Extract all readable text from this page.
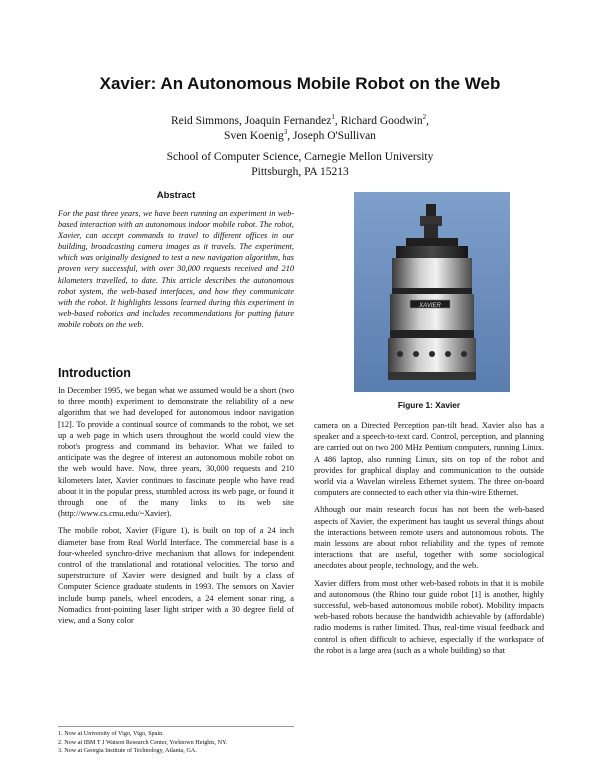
Xavier: An Autonomous Mobile Robot on the Web
Reid Simmons, Joaquin Fernandez$^1$, Richard Goodwin$^2$,
Sven Koenig$^3$, Joseph O'Sullivan
School of Computer Science, Carnegie Mellon University
Pittsburgh, PA 15213
Abstract
For the past three years, we have been running an experiment in web-based interaction with an autonomous indoor mobile robot. The robot, Xavier, can accept commands to travel to different offices in our building, broadcasting camera images as it travels. The experiment, which was originally designed to test a new navigation algorithm, has proven very successful, with over 30,000 requests received and 210 kilometers travelled, to date. This article describes the autonomous robot system, the web-based interfaces, and how they communicate with the robot. It highlights lessons learned during this experiment in web-based robotics and includes recommendations for putting future mobile robots on the web.
Introduction

In December 1995, we began what we assumed would be a short (two to three month) experiment to demonstrate the reliability of a new algorithm that we had developed for autonomous indoor navigation [12]. To provide a continual source of commands to the robot, we set up a web page in which users throughout the world could view the robot's progress and command its behavior. What we failed to anticipate was the degree of interest an autonomous mobile robot on the web would have. Now, three years, 30,000 requests and 210 kilometers later, Xavier continues to fascinate people who have read about it in the popular press, stumbled across its web page, or found it through one of the many links to its web site (http://www.cs.cmu.edu/~Xavier).

The mobile robot, Xavier (Figure 1), is built on top of a 24 inch diameter base from Real World Interface. The commercial base is a four-wheeled synchro-drive mechanism that allows for independent control of the translational and rotational velocities. The torso and superstructure of Xavier were designed and built by a class of Computer Science graduate students in 1993. The sensors on Xavier include bump panels, wheel encoders, a 24 element sonar ring, a Nomadics front-pointing laser light striper with a 30 degree field of view, and a Sony color

1. Now at University of Vigo, Vigo, Spain.
2. Now at IBM T J Watson Research Center, Yorktown Heights, NY.
3. Now at Georgia Institute of Technology, Atlanta, GA.
XAVIER
Figure 1: Xavier

camera on a Directed Perception pan-tilt head. Xavier also has a speaker and a speech-to-text card. Control, perception, and planning are carried out on two 200 MHz Pentium computers, running Linux. A 486 laptop, also running Linux, sits on top of the robot and provides for graphical display and communication to the outside world via a Wavelan wireless Ethernet system. The three on-board computers are connected to each other via thin-wire Ethernet.

Although our main research focus has not been the web-based aspects of Xavier, the experiment has taught us several things about the interactions between remote users and autonomous robots. The main lessons are about robot reliability and the types of remote interactions that are useful, together with some sociological anecdotes about people, technology, and the web.

Xavier differs from most other web-based robots in that it is mobile and autonomous (the Rhino tour guide robot [1] is another, highly successful, web-based autonomous mobile robot). Mobility impacts web-based robots because the bandwidth achievable by (affordable) radio modems is rather limited. Thus, real-time visual feedback and control is often difficult to achieve, especially if the workspace of the robot is a large area (such as a whole building) so that
